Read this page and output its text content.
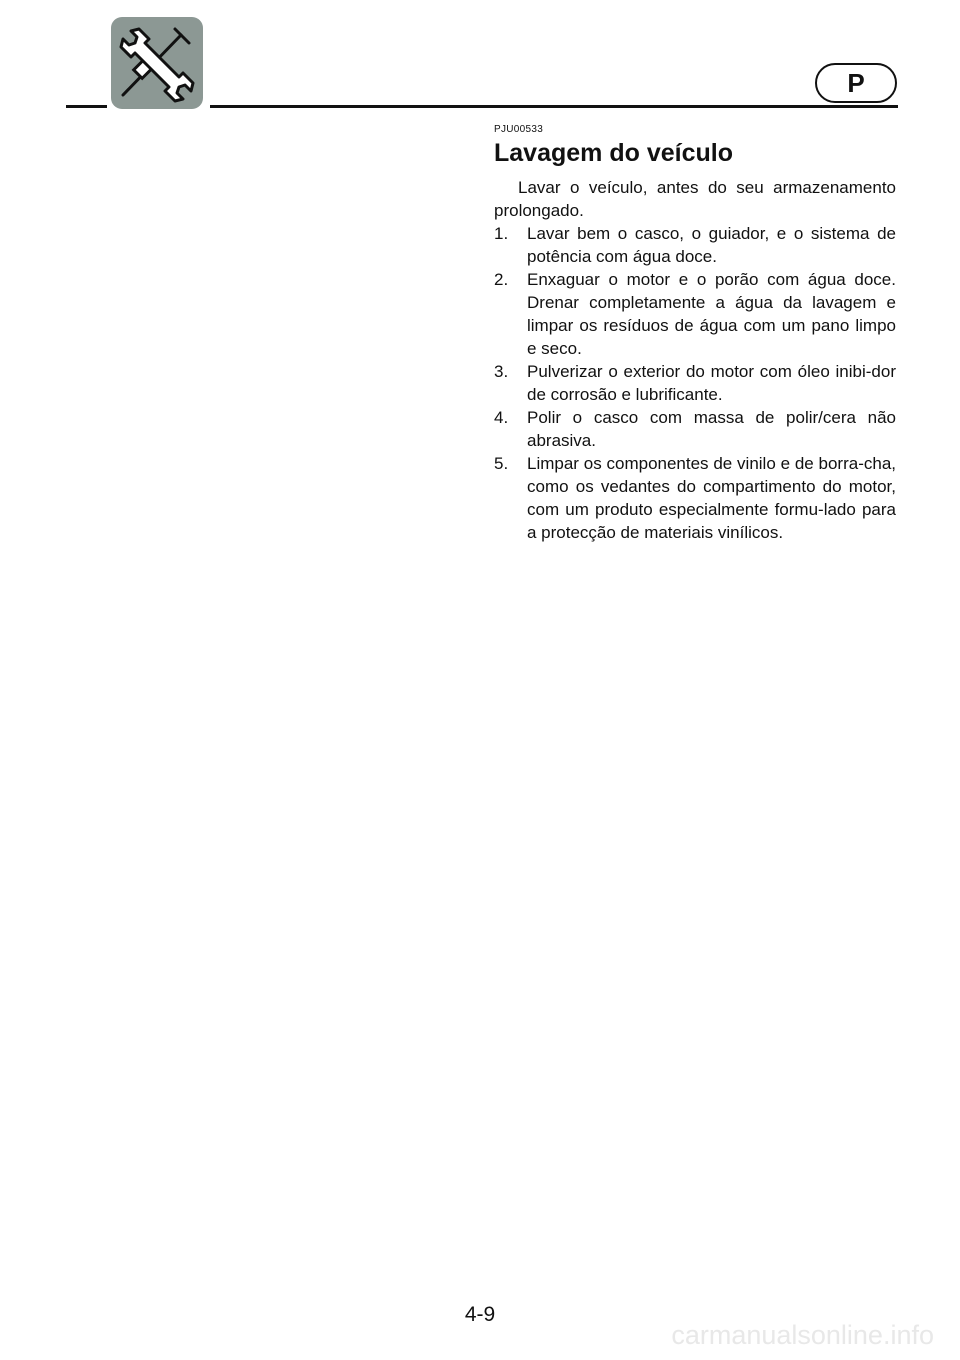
P
PJU00533
Lavagem do veículo

Lavar o veículo, antes do seu armazenamento prolongado.

1.	Lavar bem o casco, o guiador, e o sistema de potência com água doce.
2.	Enxaguar o motor e o porão com água doce. Drenar completamente a água da lavagem e limpar os resíduos de água com um pano limpo e seco.
3.	Pulverizar o exterior do motor com óleo inibi-dor de corrosão e lubrificante.
4.	Polir o casco com massa de polir/cera não abrasiva.
5.	Limpar os componentes de vinilo e de borra-cha, como os vedantes do compartimento do motor, com um produto especialmente formu-lado para a protecção de materiais vinílicos.
4-9
carmanualsonline.info
